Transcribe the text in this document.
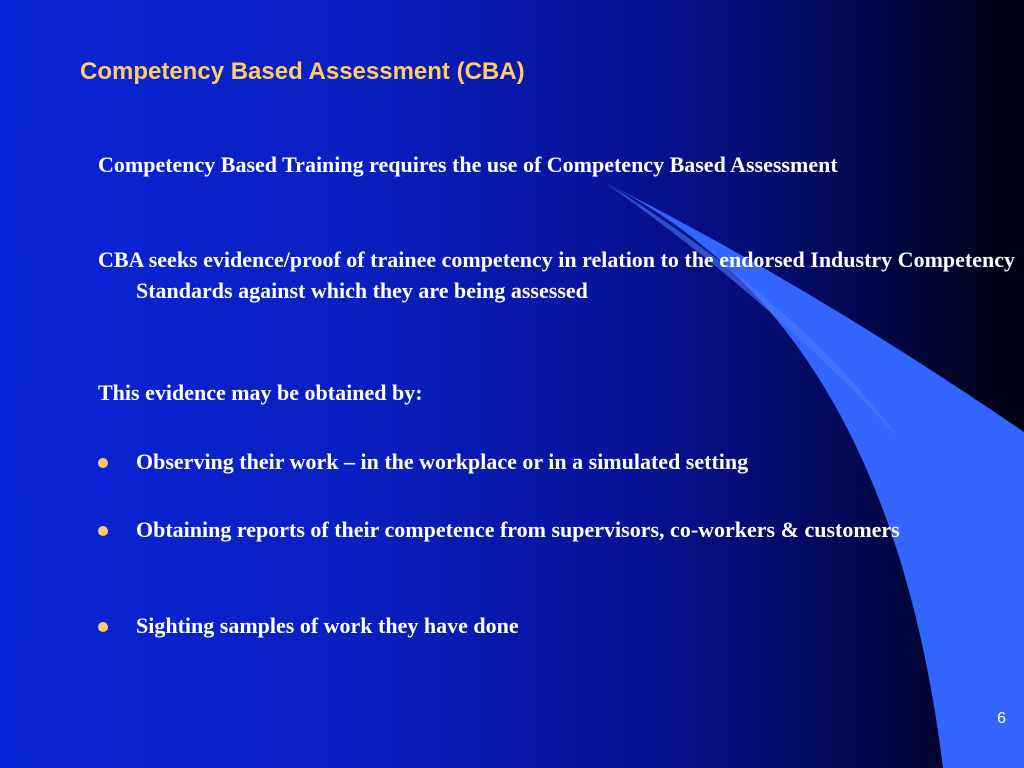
Competency Based Assessment (CBA)

Competency Based Training requires the use of Competency Based Assessment

CBA seeks evidence/proof of trainee competency in relation to the endorsed Industry Competency Standards against which they are being assessed

This evidence may be obtained by:

Observing their work – in the workplace or in a simulated setting
Obtaining reports of their competence from supervisors, co-workers & customers
Sighting samples of work they have done
6
